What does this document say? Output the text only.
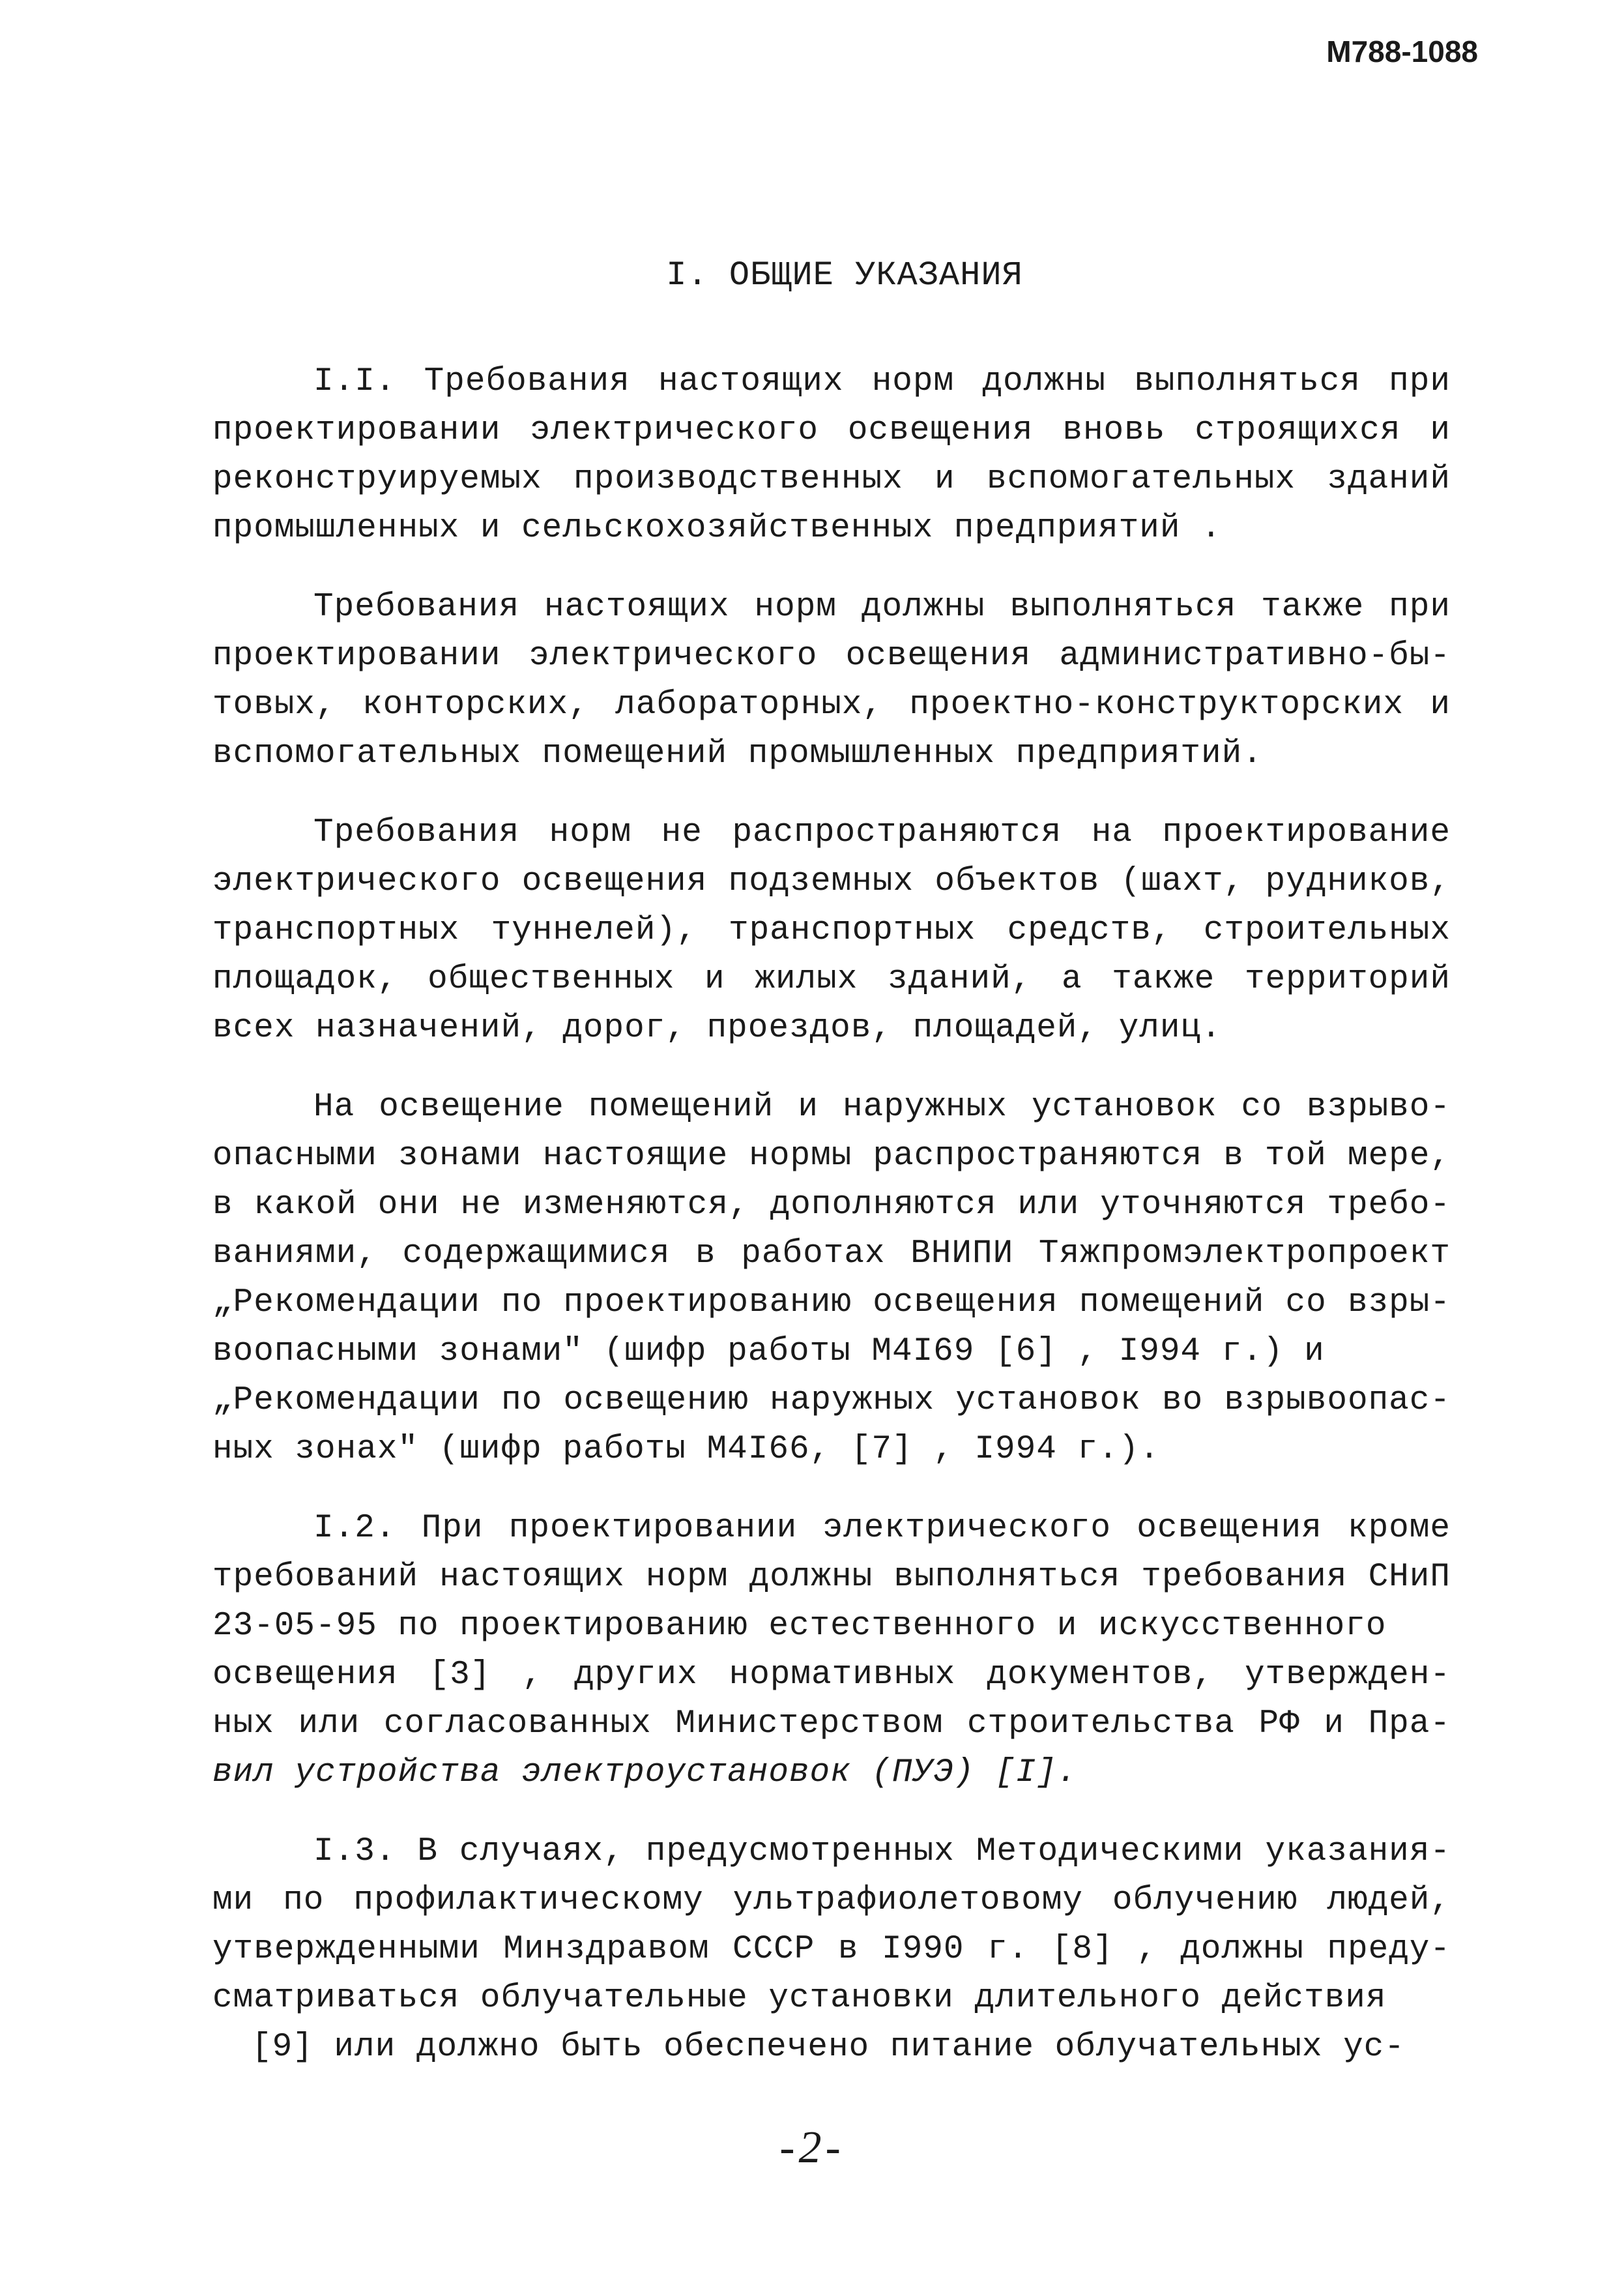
М788-1088
I. ОБЩИЕ УКАЗАНИЯ
I.I. Требования настоящих норм должны выполняться при
проектировании электрического освещения вновь строящихся и
реконструируемых производственных и вспомогательных зданий
промышленных и сельскохозяйственных предприятий .
Требования настоящих норм должны выполняться также при
проектировании электрического освещения административно-бы-
товых, конторских, лабораторных, проектно-конструкторских и
вспомогательных помещений промышленных предприятий.
Требования норм не распространяются на проектирование
электрического освещения подземных объектов (шахт, рудников,
транспортных туннелей), транспортных средств, строительных
площадок, общественных и жилых зданий, а также территорий
всех назначений, дорог, проездов, площадей, улиц.
На освещение помещений и наружных установок со взрыво-
опасными зонами настоящие нормы распространяются в той мере,
в какой они не изменяются, дополняются или уточняются требо-
ваниями, содержащимися в работах ВНИПИ Тяжпромэлектропроект
„Рекомендации по проектированию освещения помещений со взры-
воопасными зонами" (шифр работы М4I69 [6] , I994 г.) и
„Рекомендации по освещению наружных установок во взрывоопас-
ных зонах" (шифр работы М4I66, [7] , I994 г.).
I.2. При проектировании электрического освещения кроме
требований настоящих норм должны выполняться требования СНиП
23-05-95 по проектированию естественного и искусственного
освещения [3] , других нормативных документов, утвержден-
ных или согласованных Министерством строительства РФ и Пра-
вил устройства электроустановок (ПУЭ) [I].
I.3. В случаях, предусмотренных Методическими указания-
ми по профилактическому ультрафиолетовому облучению людей,
утвержденными Минздравом СССР в I990 г. [8] , должны преду-
сматриваться облучательные установки длительного действия
[9] или должно быть обеспечено питание облучательных ус-
-2-
